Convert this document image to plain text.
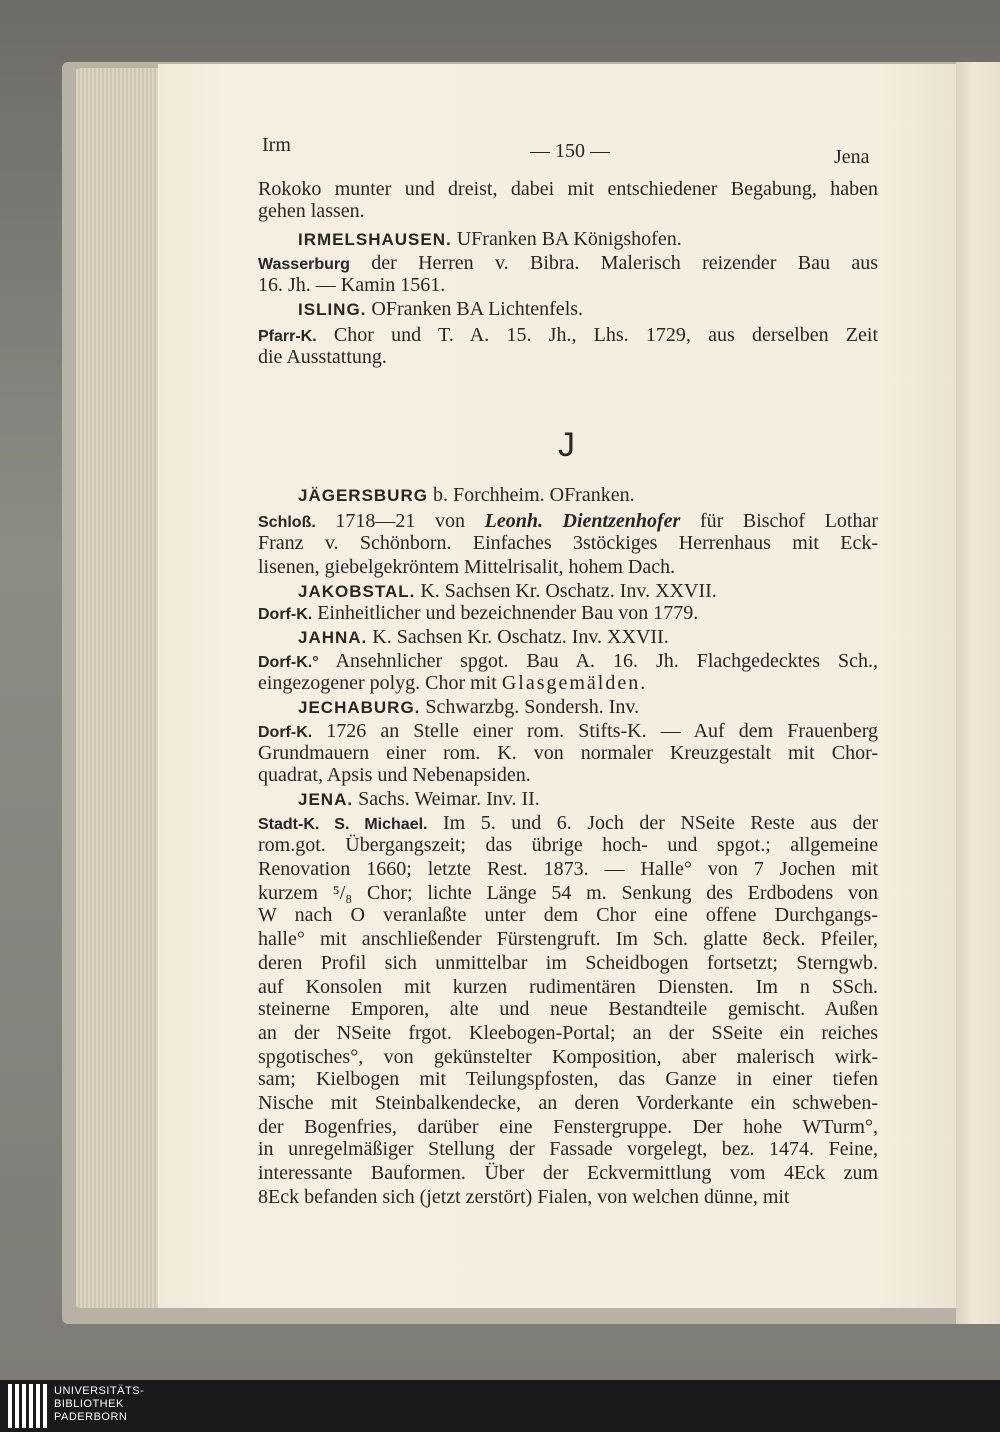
Irm	— 150 —	Jena
J
Rokoko munter und dreist, dabei mit entschiedener Begabung, haben
gehen lassen.
IRMELSHAUSEN. UFranken BA Königshofen.
Wasserburg der Herren v. Bibra. Malerisch reizender Bau aus
16. Jh. — Kamin 1561.
ISLING. OFranken BA Lichtenfels.
Pfarr-K. Chor und T. A. 15. Jh., Lhs. 1729, aus derselben Zeit
die Ausstattung.
JÄGERSBURG b. Forchheim. OFranken.
Schloß. 1718—21 von Leonh. Dientzenhofer für Bischof Lothar
Franz v. Schönborn. Einfaches 3stöckiges Herrenhaus mit Eck-
lisenen, giebelgekröntem Mittelrisalit, hohem Dach.
JAKOBSTAL. K. Sachsen Kr. Oschatz. Inv. XXVII.
Dorf-K. Einheitlicher und bezeichnender Bau von 1779.
JAHNA. K. Sachsen Kr. Oschatz. Inv. XXVII.
Dorf-K.° Ansehnlicher spgot. Bau A. 16. Jh. Flachgedecktes Sch.,
eingezogener polyg. Chor mit Glasgemälden.
JECHABURG. Schwarzbg. Sondersh. Inv.
Dorf-K. 1726 an Stelle einer rom. Stifts-K. — Auf dem Frauenberg
Grundmauern einer rom. K. von normaler Kreuzgestalt mit Chor-
quadrat, Apsis und Nebenapsiden.
JENA. Sachs. Weimar. Inv. II.
Stadt-K. S. Michael. Im 5. und 6. Joch der NSeite Reste aus der
rom.got. Übergangszeit; das übrige hoch- und spgot.; allgemeine
Renovation 1660; letzte Rest. 1873. — Halle° von 7 Jochen mit
kurzem ⁵/₈ Chor; lichte Länge 54 m. Senkung des Erdbodens von
W nach O veranlaßte unter dem Chor eine offene Durchgangs-
halle° mit anschließender Fürstengruft. Im Sch. glatte 8eck. Pfeiler,
deren Profil sich unmittelbar im Scheidbogen fortsetzt; Sterngwb.
auf Konsolen mit kurzen rudimentären Diensten. Im n SSch.
steinerne Emporen, alte und neue Bestandteile gemischt. Außen
an der NSeite frgot. Kleebogen-Portal; an der SSeite ein reiches
spgotisches°, von gekünstelter Komposition, aber malerisch wirk-
sam; Kielbogen mit Teilungspfosten, das Ganze in einer tiefen
Nische mit Steinbalkendecke, an deren Vorderkante ein schweben-
der Bogenfries, darüber eine Fenstergruppe. Der hohe WTurm°,
in unregelmäßiger Stellung der Fassade vorgelegt, bez. 1474. Feine,
interessante Bauformen. Über der Eckvermittlung vom 4Eck zum
8Eck befanden sich (jetzt zerstört) Fialen, von welchen dünne, mit
UNIVERSITÄTS-
BIBLIOTHEK
PADERBORN
